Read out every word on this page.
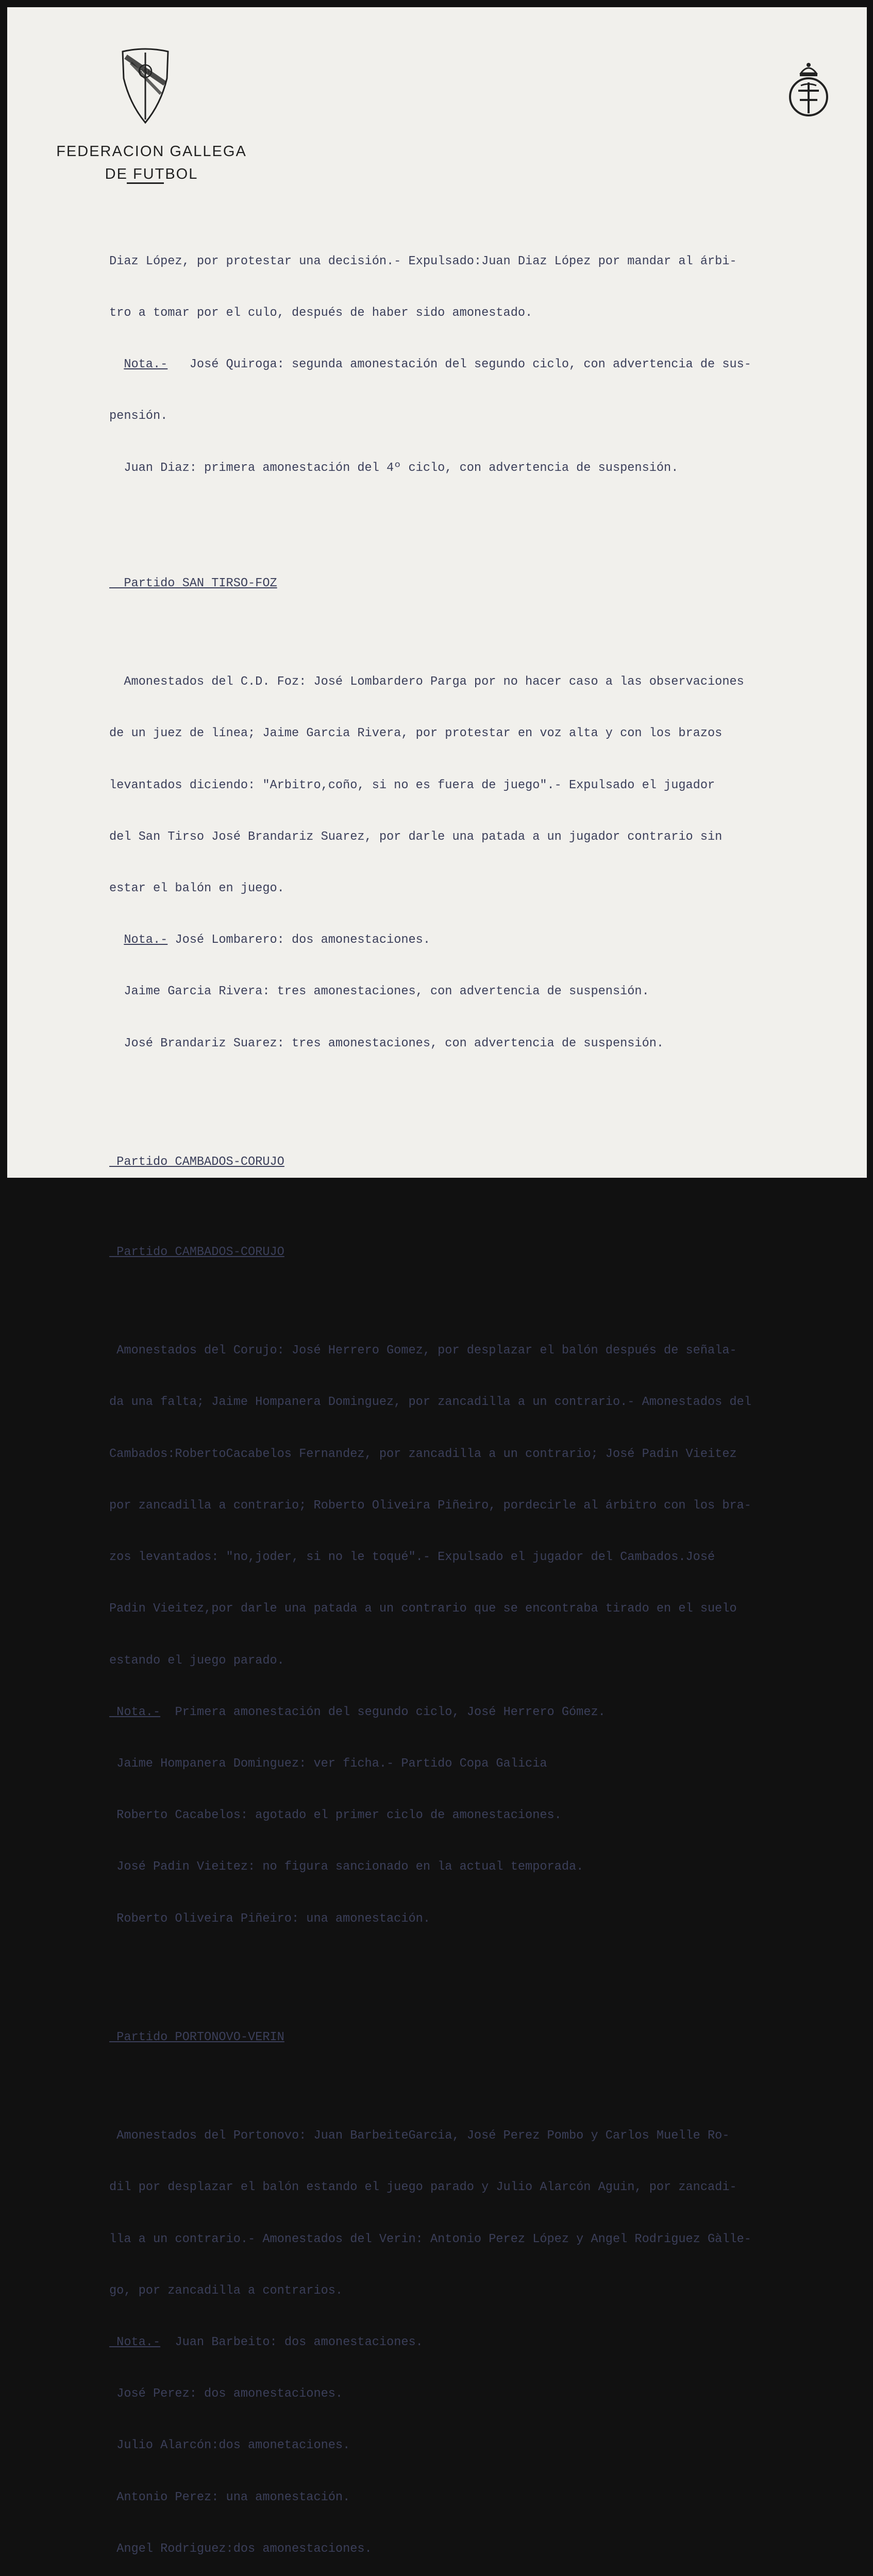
FGF
FEDERACION GALLEGA
DE FUTBOL

Diaz López, por protestar una decisión.- Expulsado:Juan Diaz López por mandar al árbi-

tro a tomar por el culo, después de haber sido amonestado.

Nota.-   José Quiroga: segunda amonestación del segundo ciclo, con advertencia de sus-

pensión.

Juan Diaz: primera amonestación del 4º ciclo, con advertencia de suspensión.

Partido SAN TIRSO-FOZ

Amonestados del C.D. Foz: José Lombardero Parga por no hacer caso a las observaciones

de un juez de línea; Jaime Garcia Rivera, por protestar en voz alta y con los brazos

levantados diciendo: "Arbitro,coño, si no es fuera de juego".- Expulsado el jugador

del San Tirso José Brandariz Suarez, por darle una patada a un jugador contrario sin

estar el balón en juego.

Nota.- José Lombarero: dos amonestaciones.

Jaime Garcia Rivera: tres amonestaciones, con advertencia de suspensión.

José Brandariz Suarez: tres amonestaciones, con advertencia de suspensión.

Partido CAMBADOS-CORUJO

Partido CAMBADOS-CORUJO

Amonestados del Corujo: José Herrero Gomez, por desplazar el balón después de señala-

da una falta; Jaime Hompanera Dominguez, por zancadilla a un contrario.- Amonestados del

Cambados:RobertoCacabelos Fernandez, por zancadilla a un contrario; José Padin Vieitez

por zancadilla a contrario; Roberto Oliveira Piñeiro, pordecirle al árbitro con los bra-

zos levantados: "no,joder, si no le toqué".- Expulsado el jugador del Cambados.José

Padin Vieitez,por darle una patada a un contrario que se encontraba tirado en el suelo

estando el juego parado.

Nota.-  Primera amonestación del segundo ciclo, José Herrero Gómez.

Jaime Hompanera Dominguez: ver ficha.- Partido Copa Galicia

Roberto Cacabelos: agotado el primer ciclo de amonestaciones.

José Padin Vieitez: no figura sancionado en la actual temporada.

Roberto Oliveira Piñeiro: una amonestación.

Partido PORTONOVO-VERIN

Amonestados del Portonovo: Juan BarbeiteGarcia, José Perez Pombo y Carlos Muelle Ro-

dil por desplazar el balón estando el juego parado y Julio Alarcón Aguin, por zancadi-

lla a un contrario.- Amonestados del Verin: Antonio Perez López y Angel Rodriguez Gàlle-

go, por zancadilla a contrarios.

Nota.-  Juan Barbeito: dos amonestaciones.

José Perez: dos amonestaciones.

Julio Alarcón:dos amonetaciones.

Antonio Perez: una amonestación.

Angel Rodriguez:dos amonestaciones.
